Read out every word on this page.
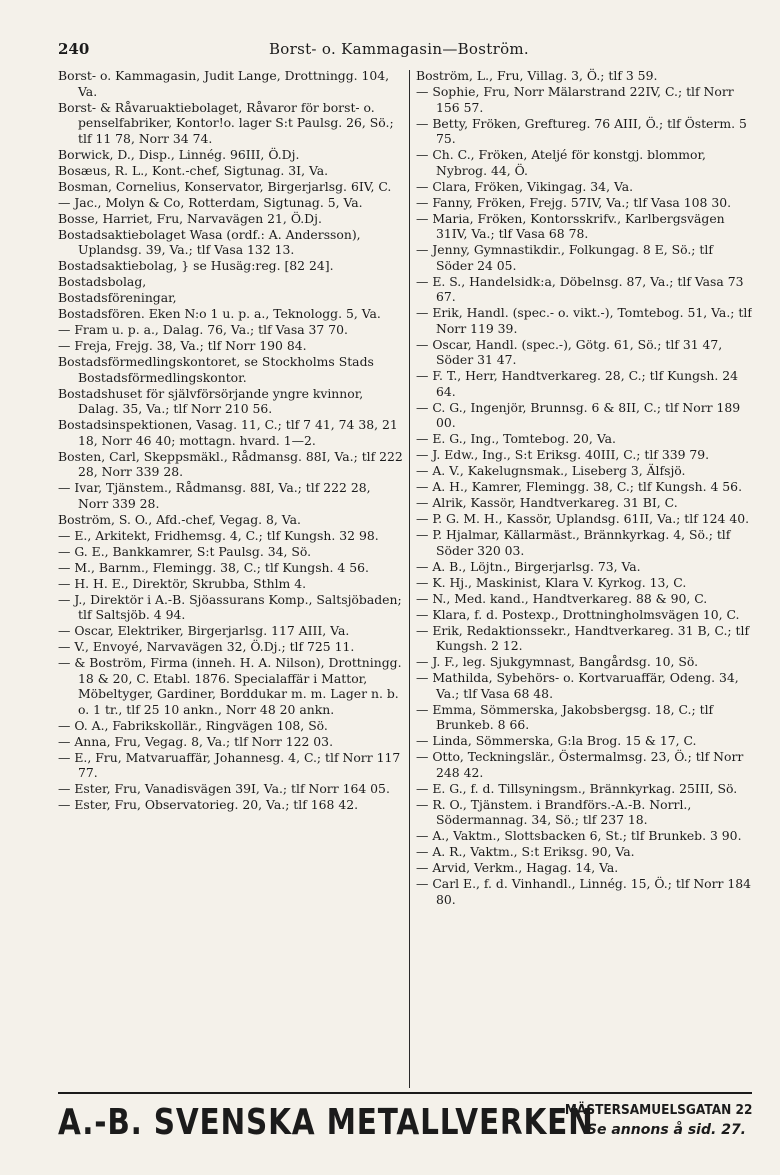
240	Borst- o. Kammagasin—Boström.

Borst- o. Kammagasin, Judit Lange, Drottningg. 104, Va.

Borst- & Råvaruaktiebolaget, Råvaror för borst- o. penselfabriker, Kontor!o. lager S:t Paulsg. 26, Sö.; tlf 11 78, Norr 34 74.

Borwick, D., Disp., Linnég. 96III, Ö.Dj.

Bosæus, R. L., Kont.-chef, Sigtunag. 3I, Va.

Bosman, Cornelius, Konservator, Birgerjarlsg. 6IV, C.

— Jac., Molyn & Co, Rotterdam, Sigtunag. 5, Va.

Bosse, Harriet, Fru, Narvavägen 21, Ö.Dj.

Bostadsaktiebolaget Wasa (ordf.: A. Andersson), Uplandsg. 39, Va.; tlf Vasa 132 13.

Bostadsaktiebolag, } se Husäg:reg. [82 24].

Bostadsbolag,

Bostadsföreningar,

Bostadsfören. Eken N:o 1 u. p. a., Teknologg. 5, Va.

— Fram u. p. a., Dalag. 76, Va.; tlf Vasa 37 70.

— Freja, Frejg. 38, Va.; tlf Norr 190 84.

Bostadsförmedlingskontoret, se Stockholms Stads Bostadsförmedlingskontor.

Bostadshuset för självförsörjande yngre kvinnor, Dalag. 35, Va.; tlf Norr 210 56.

Bostadsinspektionen, Vasag. 11, C.; tlf 7 41, 74 38, 21 18, Norr 46 40; mottagn. hvard. 1—2.

Bosten, Carl, Skeppsmäkl., Rådmansg. 88I, Va.; tlf 222 28, Norr 339 28.

— Ivar, Tjänstem., Rådmansg. 88I, Va.; tlf 222 28, Norr 339 28.

Boström, S. O., Afd.-chef, Vegag. 8, Va.

— E., Arkitekt, Fridhemsg. 4, C.; tlf Kungsh. 32 98.

— G. E., Bankkamrer, S:t Paulsg. 34, Sö.

— M., Barnm., Flemingg. 38, C.; tlf Kungsh. 4 56.

— H. H. E., Direktör, Skrubba, Sthlm 4.

— J., Direktör i A.-B. Sjöassurans Komp., Saltsjöbaden; tlf Saltsjöb. 4 94.

— Oscar, Elektriker, Birgerjarlsg. 117 AIII, Va.

— V., Envoyé, Narvavägen 32, Ö.Dj.; tlf 725 11.

— & Boström, Firma (inneh. H. A. Nilson), Drottningg. 18 & 20, C. Etabl. 1876. Specialaffär i Mattor, Möbeltyger, Gardiner, Borddukar m. m. Lager n. b. o. 1 tr., tlf 25 10 ankn., Norr 48 20 ankn.

— O. A., Fabrikskollär., Ringvägen 108, Sö.

— Anna, Fru, Vegag. 8, Va.; tlf Norr 122 03.

— E., Fru, Matvaruaffär, Johannesg. 4, C.; tlf Norr 117 77.

— Ester, Fru, Vanadisvägen 39I, Va.; tlf Norr 164 05.

— Ester, Fru, Observatorieg. 20, Va.; tlf 168 42.

Boström, L., Fru, Villag. 3, Ö.; tlf 3 59.

— Sophie, Fru, Norr Mälarstrand 22IV, C.; tlf Norr 156 57.

— Betty, Fröken, Greftureg. 76 AIII, Ö.; tlf Österm. 5 75.

— Ch. C., Fröken, Ateljé för konstgj. blommor, Nybrog. 44, Ö.

— Clara, Fröken, Vikingag. 34, Va.

— Fanny, Fröken, Frejg. 57IV, Va.; tlf Vasa 108 30.

— Maria, Fröken, Kontorsskrifv., Karlbergsvägen 31IV, Va.; tlf Vasa 68 78.

— Jenny, Gymnastikdir., Folkungag. 8 E, Sö.; tlf Söder 24 05.

— E. S., Handelsidk:a, Döbelnsg. 87, Va.; tlf Vasa 73 67.

— Erik, Handl. (spec.- o. vikt.-), Tomtebog. 51, Va.; tlf Norr 119 39.

— Oscar, Handl. (spec.-), Götg. 61, Sö.; tlf 31 47, Söder 31 47.

— F. T., Herr, Handtverkareg. 28, C.; tlf Kungsh. 24 64.

— C. G., Ingenjör, Brunnsg. 6 & 8II, C.; tlf Norr 189 00.

— E. G., Ing., Tomtebog. 20, Va.

— J. Edw., Ing., S:t Eriksg. 40III, C.; tlf 339 79.

— A. V., Kakelugnsmak., Liseberg 3, Älfsjö.

— A. H., Kamrer, Flemingg. 38, C.; tlf Kungsh. 4 56.

— Alrik, Kassör, Handtverkareg. 31 BI, C.

— P. G. M. H., Kassör, Uplandsg. 61II, Va.; tlf 124 40.

— P. Hjalmar, Källarmäst., Brännkyrkag. 4, Sö.; tlf Söder 320 03.

— A. B., Löjtn., Birgerjarlsg. 73, Va.

— K. Hj., Maskinist, Klara V. Kyrkog. 13, C.

— N., Med. kand., Handtverkareg. 88 & 90, C.

— Klara, f. d. Postexp., Drottningholmsvägen 10, C.

— Erik, Redaktionssekr., Handtverkareg. 31 B, C.; tlf Kungsh. 2 12.

— J. F., leg. Sjukgymnast, Bangårdsg. 10, Sö.

— Mathilda, Sybehörs- o. Kortvaruaffär, Odeng. 34, Va.; tlf Vasa 68 48.

— Emma, Sömmerska, Jakobsbergsg. 18, C.; tlf Brunkeb. 8 66.

— Linda, Sömmerska, G:la Brog. 15 & 17, C.

— Otto, Teckningslär., Östermalmsg. 23, Ö.; tlf Norr 248 42.

— E. G., f. d. Tillsyningsm., Brännkyrkag. 25III, Sö.

— R. O., Tjänstem. i Brandförs.-A.-B. Norrl., Södermannag. 34, Sö.; tlf 237 18.

— A., Vaktm., Slottsbacken 6, St.; tlf Brunkeb. 3 90.

— A. R., Vaktm., S:t Eriksg. 90, Va.

— Arvid, Verkm., Hagag. 14, Va.

— Carl E., f. d. Vinhandl., Linnég. 15, Ö.; tlf Norr 184 80.

A.-B. SVENSKA METALLVERKEN
MÄSTERSAMUELSGATAN 22
Se annons å sid. 27.
